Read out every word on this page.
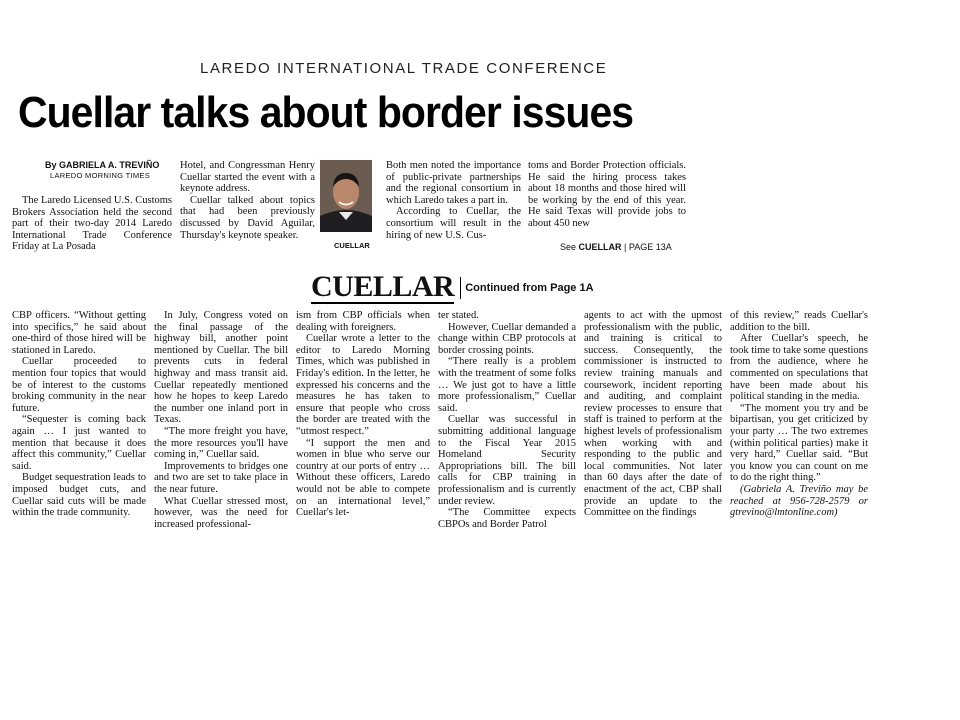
LAREDO INTERNATIONAL TRADE CONFERENCE
Cuellar talks about border issues
By GABRIELA A. TREVIÑO
LAREDO MORNING TIMES

The Laredo Licensed U.S. Customs Brokers Association held the second part of their two-day 2014 Laredo International Trade Conference Friday at La Posada

Hotel, and Congressman Henry Cuellar started the event with a keynote address.

Cuellar talked about topics that had been previously discussed by David Aguilar, Thursday's keynote speaker.

CUELLAR

Both men noted the importance of public-private partnerships and the regional consortium in which Laredo takes a part in.

According to Cuellar, the consortium will result in the hiring of new U.S. Cus-

toms and Border Protection officials. He said the hiring process takes about 18 months and those hired will be working by the end of this year. He said Texas will provide jobs to about 450 new

See CUELLAR | PAGE 13A
CUELLAR Continued from Page 1A

CBP officers. “Without getting into specifics,” he said about one-third of those hired will be stationed in Laredo.

Cuellar proceeded to mention four topics that would be of interest to the customs broking community in the near future.

“Sequester is coming back again … I just wanted to mention that because it does affect this community,” Cuellar said.

Budget sequestration leads to imposed budget cuts, and Cuellar said cuts will be made within the trade community.

In July, Congress voted on the final passage of the highway bill, another point mentioned by Cuellar. The bill prevents cuts in federal highway and mass transit aid. Cuellar repeatedly mentioned how he hopes to keep Laredo the number one inland port in Texas.

“The more freight you have, the more resources you'll have coming in,” Cuellar said.

Improvements to bridges one and two are set to take place in the near future.

What Cuellar stressed most, however, was the need for increased professional-

ism from CBP officials when dealing with foreigners.

Cuellar wrote a letter to the editor to Laredo Morning Times, which was published in Friday's edition. In the letter, he expressed his concerns and the measures he has taken to ensure that people who cross the border are treated with the “utmost respect.”

“I support the men and women in blue who serve our country at our ports of entry … Without these officers, Laredo would not be able to compete on an international level,” Cuellar's let-

ter stated.

However, Cuellar demanded a change within CBP protocols at border crossing points.

“There really is a problem with the treatment of some folks … We just got to have a little more professionalism,” Cuellar said.

Cuellar was successful in submitting additional language to the Fiscal Year 2015 Homeland Security Appropriations bill. The bill calls for CBP training in professionalism and is currently under review.

“The Committee expects CBPOs and Border Patrol

agents to act with the upmost professionalism with the public, and training is critical to success. Consequently, the commissioner is instructed to review training manuals and coursework, incident reporting and auditing, and complaint review processes to ensure that staff is trained to perform at the highest levels of professionalism when working with and responding to the public and local communities. Not later than 60 days after the date of enactment of the act, CBP shall provide an update to the Committee on the findings

of this review,” reads Cuellar's addition to the bill.

After Cuellar's speech, he took time to take some questions from the audience, where he commented on speculations that have been made about his political standing in the media.

“The moment you try and be bipartisan, you get criticized by your party … The two extremes (within political parties) make it very hard,” Cuellar said. “But you know you can count on me to do the right thing.”

(Gabriela A. Treviño may be reached at 956-728-2579 or gtrevino@lmtonline.com)
